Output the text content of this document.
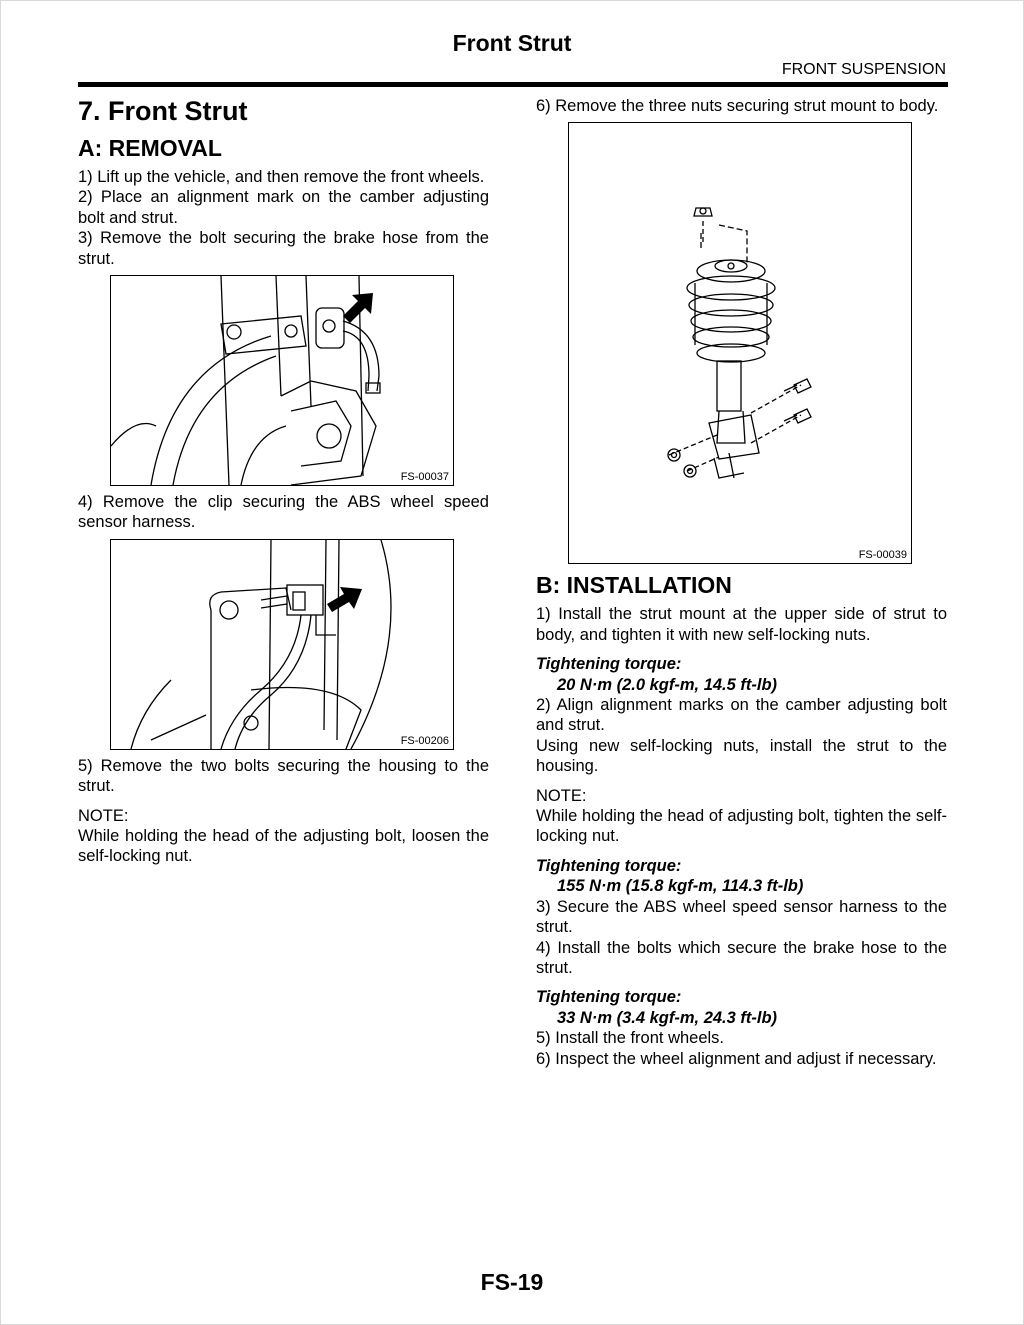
Front Strut
FRONT SUSPENSION
7. Front Strut
A: REMOVAL

1) Lift up the vehicle, and then remove the front wheels.

2) Place an alignment mark on the camber adjusting bolt and strut.

3) Remove the bolt securing the brake hose from the strut.

FS-00037

4) Remove the clip securing the ABS wheel speed sensor harness.

FS-00206

5) Remove the two bolts securing the housing to the strut.

NOTE:

While holding the head of the adjusting bolt, loosen the self-locking nut.

6) Remove the three nuts securing strut mount to body.

FS-00039
B: INSTALLATION

1) Install the strut mount at the upper side of strut to body, and tighten it with new self-locking nuts.

Tightening torque:

20 N·m (2.0 kgf-m, 14.5 ft-lb)

2) Align alignment marks on the camber adjusting bolt and strut.

Using new self-locking nuts, install the strut to the housing.

NOTE:

While holding the head of adjusting bolt, tighten the self-locking nut.

Tightening torque:

155 N·m (15.8 kgf-m, 114.3 ft-lb)

3) Secure the ABS wheel speed sensor harness to the strut.

4) Install the bolts which secure the brake hose to the strut.

Tightening torque:

33 N·m (3.4 kgf-m, 24.3 ft-lb)

5) Install the front wheels.

6) Inspect the wheel alignment and adjust if necessary.

FS-19
